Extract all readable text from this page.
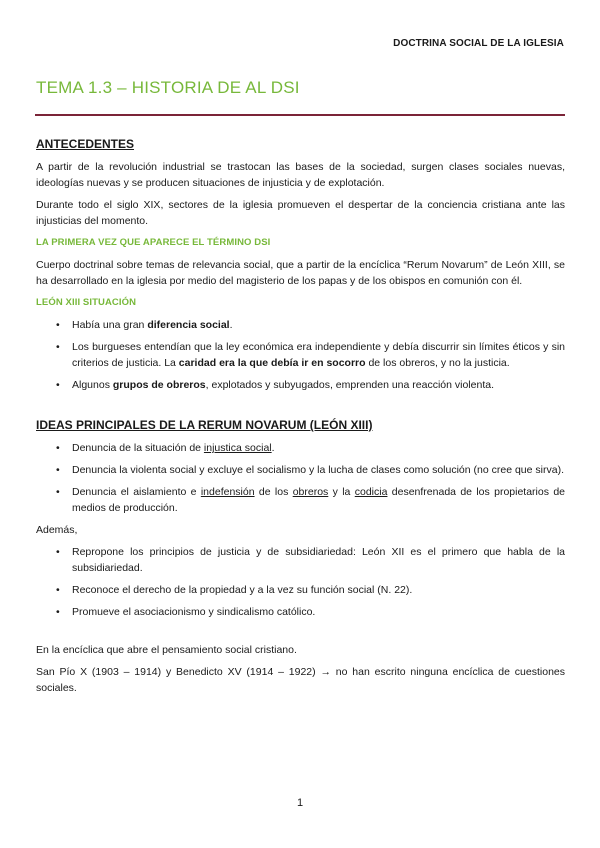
DOCTRINA SOCIAL DE LA IGLESIA
TEMA 1.3 – HISTORIA DE AL DSI
ANTECEDENTES

A partir de la revolución industrial se trastocan las bases de la sociedad, surgen clases sociales nuevas, ideologías nuevas y se producen situaciones de injusticia y de explotación.

Durante todo el siglo XIX, sectores de la iglesia promueven el despertar de la conciencia cristiana ante las injusticias del momento.

LA PRIMERA VEZ QUE APARECE EL TÉRMINO DSI

Cuerpo doctrinal sobre temas de relevancia social, que a partir de la encíclica “Rerum Novarum” de León XIII, se ha desarrollado en la iglesia por medio del magisterio de los papas y de los obispos en comunión con él.

LEÓN XIII SITUACIÓN

• Había una gran diferencia social.
• Los burgueses entendían que la ley económica era independiente y debía discurrir sin límites éticos y sin criterios de justicia. La caridad era la que debía ir en socorro de los obreros, y no la justicia.
• Algunos grupos de obreros, explotados y subyugados, emprenden una reacción violenta.
IDEAS PRINCIPALES DE LA RERUM NOVARUM (LEÓN XIII)
• Denuncia de la situación de injustica social.
• Denuncia la violenta social y excluye el socialismo y la lucha de clases como solución (no cree que sirva).
• Denuncia el aislamiento e indefensión de los obreros y la codicia desenfrenada de los propietarios de medios de producción.

Además,

• Repropone los principios de justicia y de subsidiariedad: León XII es el primero que habla de la subsidiariedad.
• Reconoce el derecho de la propiedad y a la vez su función social (N. 22).
• Promueve el asociacionismo y sindicalismo católico.

En la encíclica que abre el pensamiento social cristiano.

San Pío X (1903 – 1914) y Benedicto XV (1914 – 1922) → no han escrito ninguna encíclica de cuestiones sociales.

1
